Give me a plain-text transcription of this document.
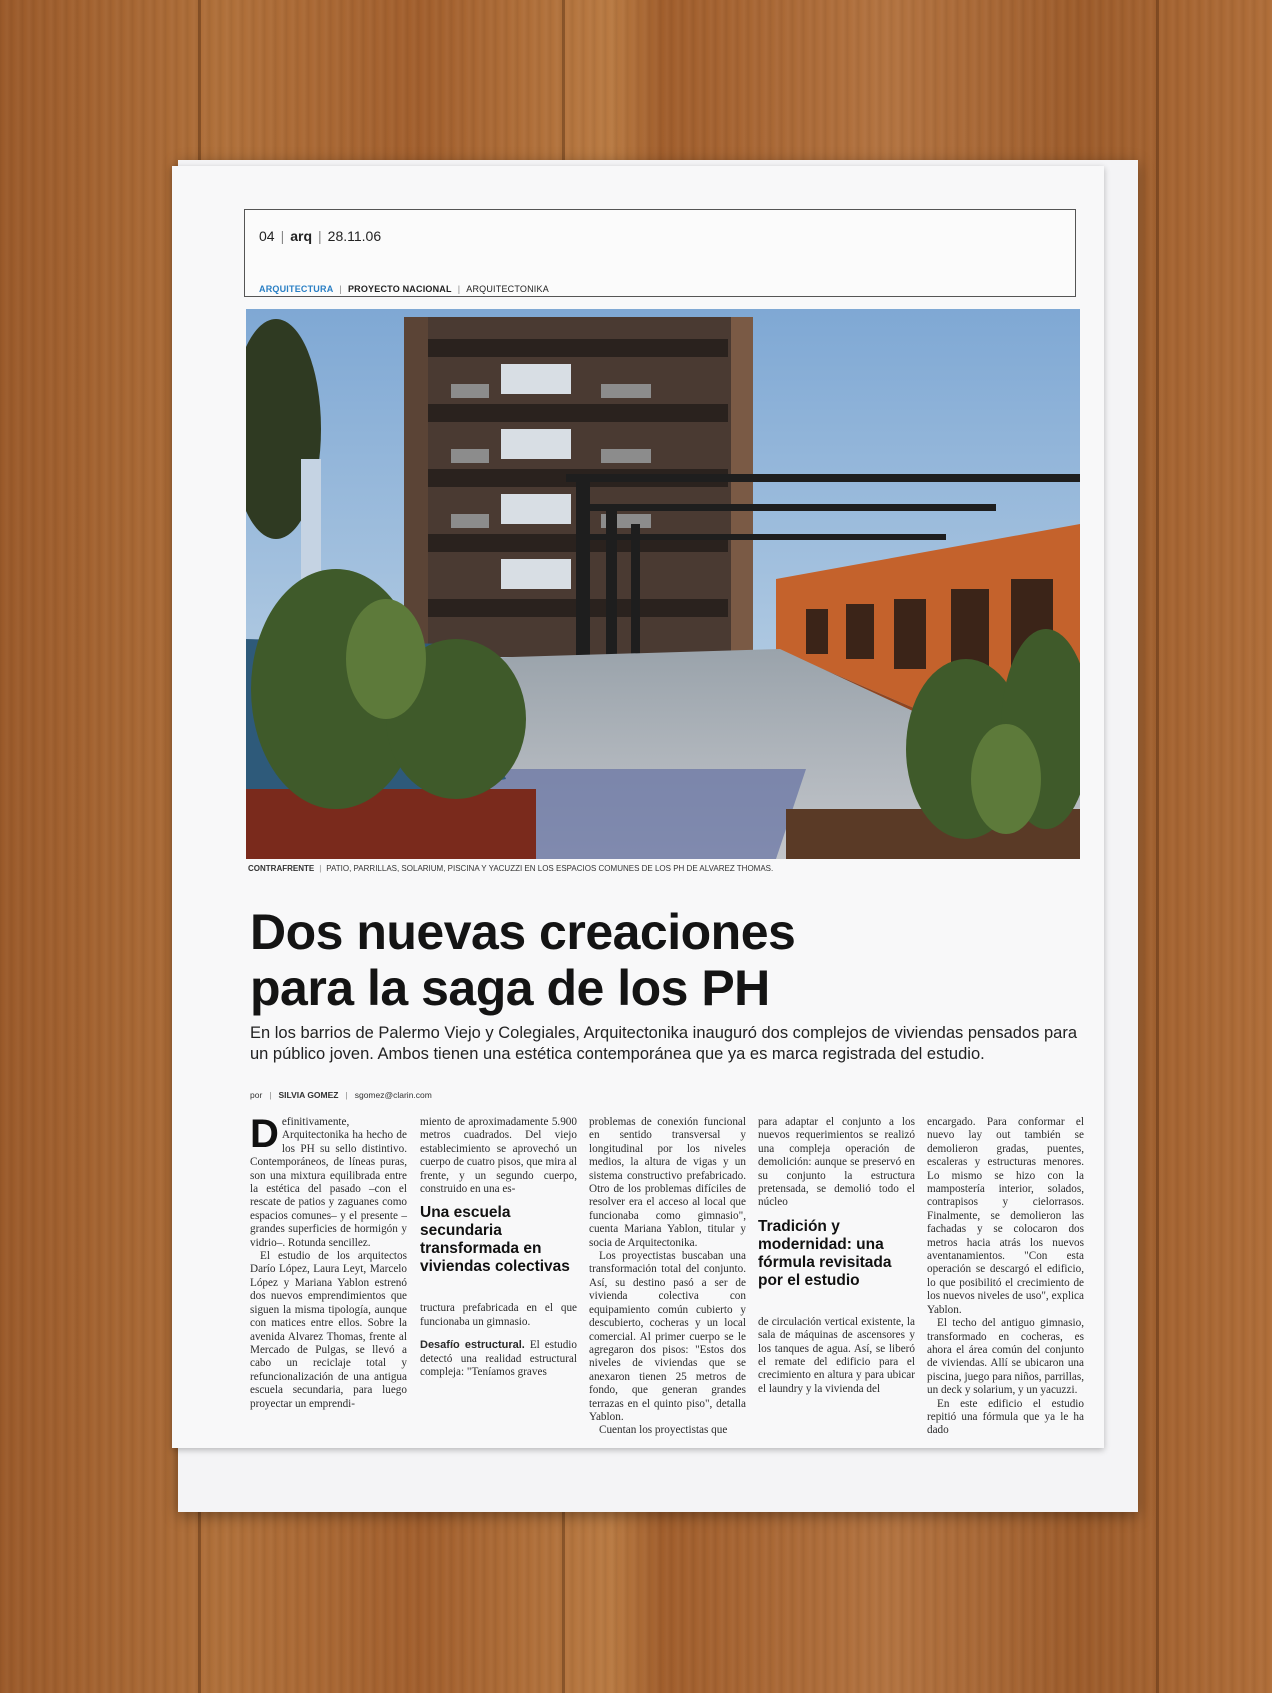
04 | arq | 28.11.06
ARQUITECTURA | PROYECTO NACIONAL | ARQUITECTONIKA
CONTRAFRENTE | PATIO, PARRILLAS, SOLARIUM, PISCINA Y YACUZZI EN LOS ESPACIOS COMUNES DE LOS PH DE ALVAREZ THOMAS.
Dos nuevas creaciones
para la saga de los PH
En los barrios de Palermo Viejo y Colegiales, Arquitectonika inauguró dos complejos de viviendas pensados para un público joven. Ambos tienen una estética contemporánea que ya es marca registrada del estudio.
por | SILVIA GOMEZ | sgomez@clarin.com

Definitivamente, Arquitectonika ha hecho de los PH su sello distintivo. Contemporáneos, de líneas puras, son una mixtura equilibrada entre la estética del pasado –con el rescate de patios y zaguanes como espacios comunes– y el presente –grandes superficies de hormigón y vidrio–. Rotunda sencillez.

El estudio de los arquitectos Darío López, Laura Leyt, Marcelo López y Mariana Yablon estrenó dos nuevos emprendimientos que siguen la misma tipología, aunque con matices entre ellos. Sobre la avenida Alvarez Thomas, frente al Mercado de Pulgas, se llevó a cabo un reciclaje total y refuncionalización de una antigua escuela secundaria, para luego proyectar un emprendi-

miento de aproximadamente 5.900 metros cuadrados. Del viejo establecimiento se aprovechó un cuerpo de cuatro pisos, que mira al frente, y un segundo cuerpo, construido en una es-

Una escuela secundaria transformada en viviendas colectivas

tructura prefabricada en el que funcionaba un gimnasio.

Desafío estructural. El estudio detectó una realidad estructural compleja: "Teníamos graves

problemas de conexión funcional en sentido transversal y longitudinal por los niveles medios, la altura de vigas y un sistema constructivo prefabricado. Otro de los problemas difíciles de resolver era el acceso al local que funcionaba como gimnasio", cuenta Mariana Yablon, titular y socia de Arquitectonika.

Los proyectistas buscaban una transformación total del conjunto. Así, su destino pasó a ser de vivienda colectiva con equipamiento común cubierto y descubierto, cocheras y un local comercial. Al primer cuerpo se le agregaron dos pisos: "Estos dos niveles de viviendas que se anexaron tienen 25 metros de fondo, que generan grandes terrazas en el quinto piso", detalla Yablon.

Cuentan los proyectistas que

para adaptar el conjunto a los nuevos requerimientos se realizó una compleja operación de demolición: aunque se preservó en su conjunto la estructura pretensada, se demolió todo el núcleo

Tradición y modernidad: una fórmula revisitada por el estudio

de circulación vertical existente, la sala de máquinas de ascensores y los tanques de agua. Así, se liberó el remate del edificio para el crecimiento en altura y para ubicar el laundry y la vivienda del

encargado. Para conformar el nuevo lay out también se demolieron gradas, puentes, escaleras y estructuras menores. Lo mismo se hizo con la mampostería interior, solados, contrapisos y cielorrasos. Finalmente, se demolieron las fachadas y se colocaron dos metros hacia atrás los nuevos aventanamientos. "Con esta operación se descargó el edificio, lo que posibilitó el crecimiento de los nuevos niveles de uso", explica Yablon.

El techo del antiguo gimnasio, transformado en cocheras, es ahora el área común del conjunto de viviendas. Allí se ubicaron una piscina, juego para niños, parrillas, un deck y solarium, y un yacuzzi.

En este edificio el estudio repitió una fórmula que ya le ha dado
